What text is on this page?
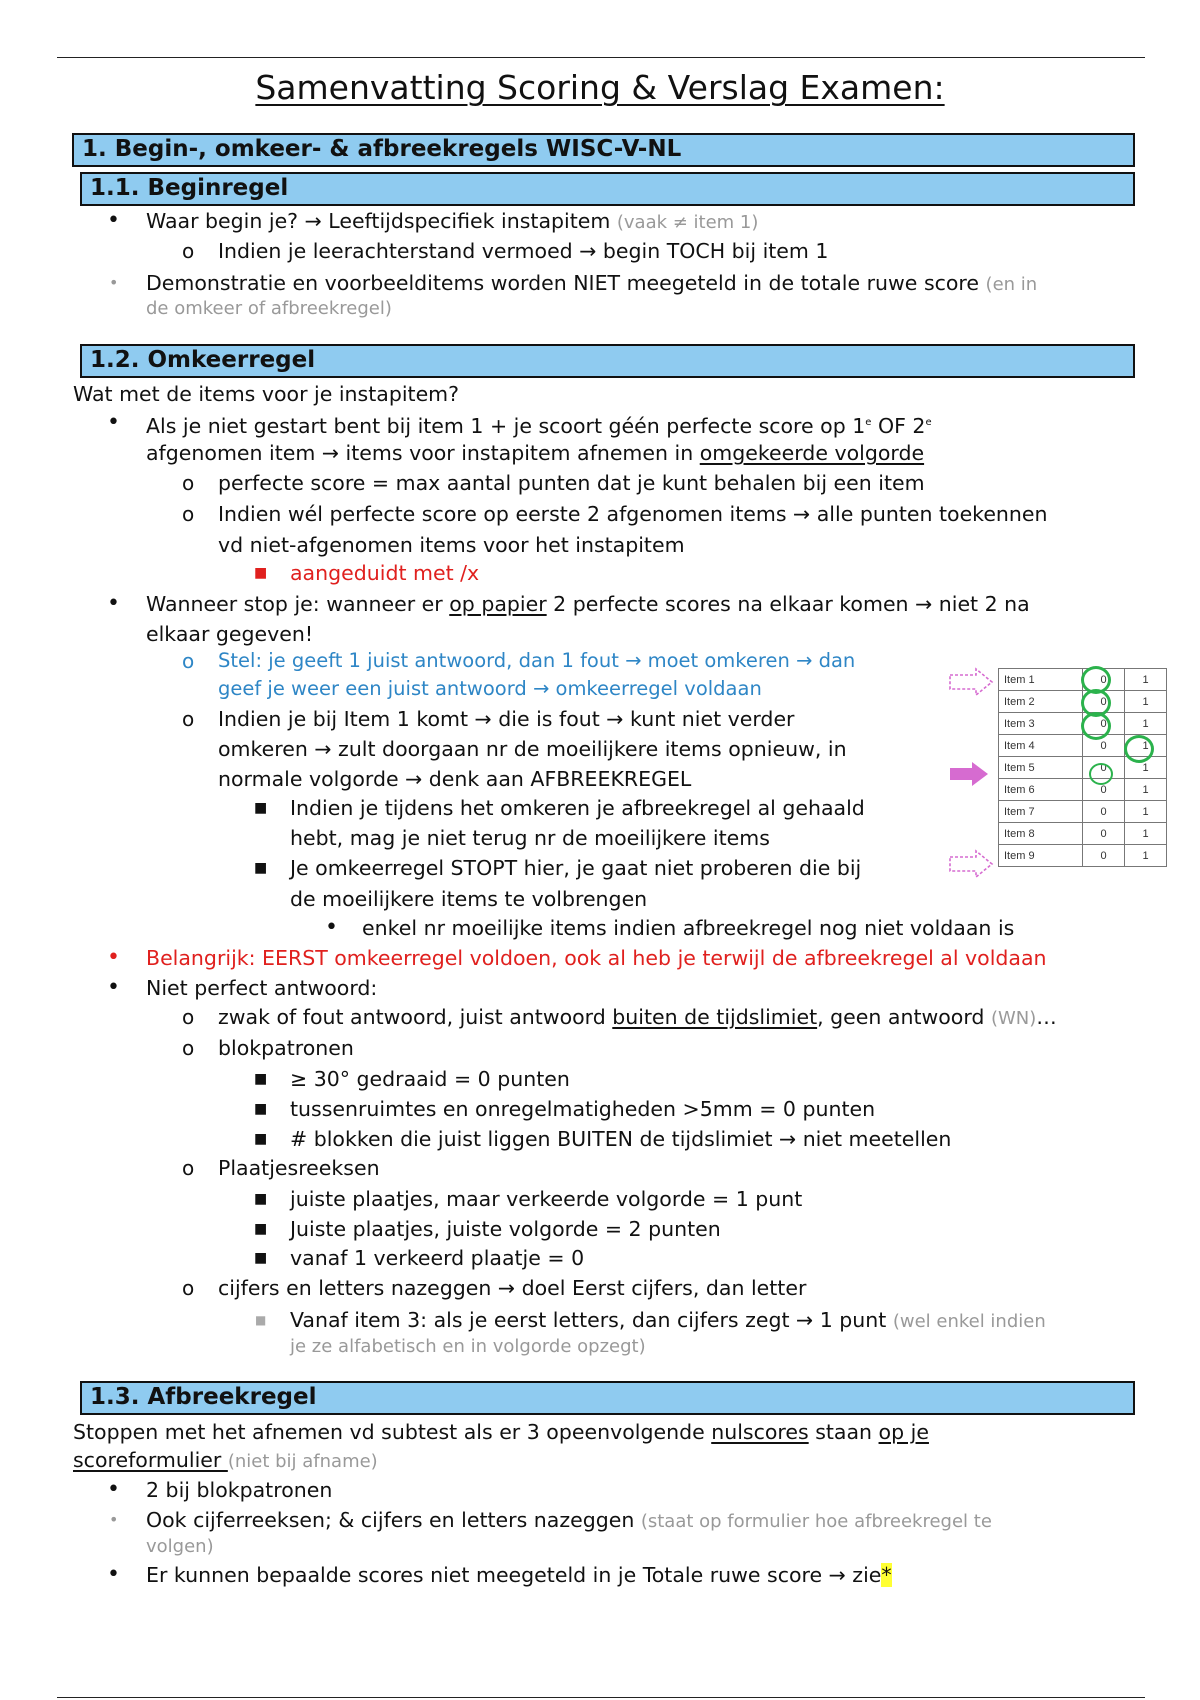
Samenvatting Scoring & Verslag Examen:
1. Begin-, omkeer- & afbreekregels WISC-V-NL
1.1. Beginregel
• Waar begin je? → Leeftijdspecifiek instapitem (vaak ≠ item 1)
o Indien je leerachterstand vermoed → begin TOCH bij item 1
• Demonstratie en voorbeelditems worden NIET meegeteld in de totale ruwe score (en in
de omkeer of afbreekregel)
1.2. Omkeerregel
Wat met de items voor je instapitem?
• Als je niet gestart bent bij item 1 + je scoort géén perfecte score op 1e OF 2e
afgenomen item → items voor instapitem afnemen in omgekeerde volgorde
o perfecte score = max aantal punten dat je kunt behalen bij een item
o Indien wél perfecte score op eerste 2 afgenomen items → alle punten toekennen
vd niet-afgenomen items voor het instapitem
■ aangeduidt met /x
• Wanneer stop je: wanneer er op papier 2 perfecte scores na elkaar komen → niet 2 na
elkaar gegeven!
o Stel: je geeft 1 juist antwoord, dan 1 fout → moet omkeren → dan
geef je weer een juist antwoord → omkeerregel voldaan
o Indien je bij Item 1 komt → die is fout → kunt niet verder
omkeren → zult doorgaan nr de moeilijkere items opnieuw, in
normale volgorde → denk aan AFBREEKREGEL
■ Indien je tijdens het omkeren je afbreekregel al gehaald
hebt, mag je niet terug nr de moeilijkere items
■ Je omkeerregel STOPT hier, je gaat niet proberen die bij
de moeilijkere items te volbrengen
• enkel nr moeilijke items indien afbreekregel nog niet voldaan is
• Belangrijk: EERST omkeerregel voldoen, ook al heb je terwijl de afbreekregel al voldaan
• Niet perfect antwoord:
o zwak of fout antwoord, juist antwoord buiten de tijdslimiet, geen antwoord (WN)…
o blokpatronen
■ ≥ 30° gedraaid = 0 punten
■ tussenruimtes en onregelmatigheden >5mm = 0 punten
■ # blokken die juist liggen BUITEN de tijdslimiet → niet meetellen
o Plaatjesreeksen
■ juiste plaatjes, maar verkeerde volgorde = 1 punt
■ Juiste plaatjes, juiste volgorde = 2 punten
■ vanaf 1 verkeerd plaatje = 0
o cijfers en letters nazeggen → doel Eerst cijfers, dan letter
■ Vanaf item 3: als je eerst letters, dan cijfers zegt → 1 punt (wel enkel indien
je ze alfabetisch en in volgorde opzegt)
Item 1	0	1
Item 2	0	1
Item 3	0	1
Item 4	0	1
Item 5	0	1
Item 6	0	1
Item 7	0	1
Item 8	0	1
Item 9	0	1
1.3. Afbreekregel
Stoppen met het afnemen vd subtest als er 3 opeenvolgende nulscores staan op je
scoreformulier (niet bij afname)
• 2 bij blokpatronen
• Ook cijferreeksen; & cijfers en letters nazeggen (staat op formulier hoe afbreekregel te
volgen)
• Er kunnen bepaalde scores niet meegeteld in je Totale ruwe score → zie*
